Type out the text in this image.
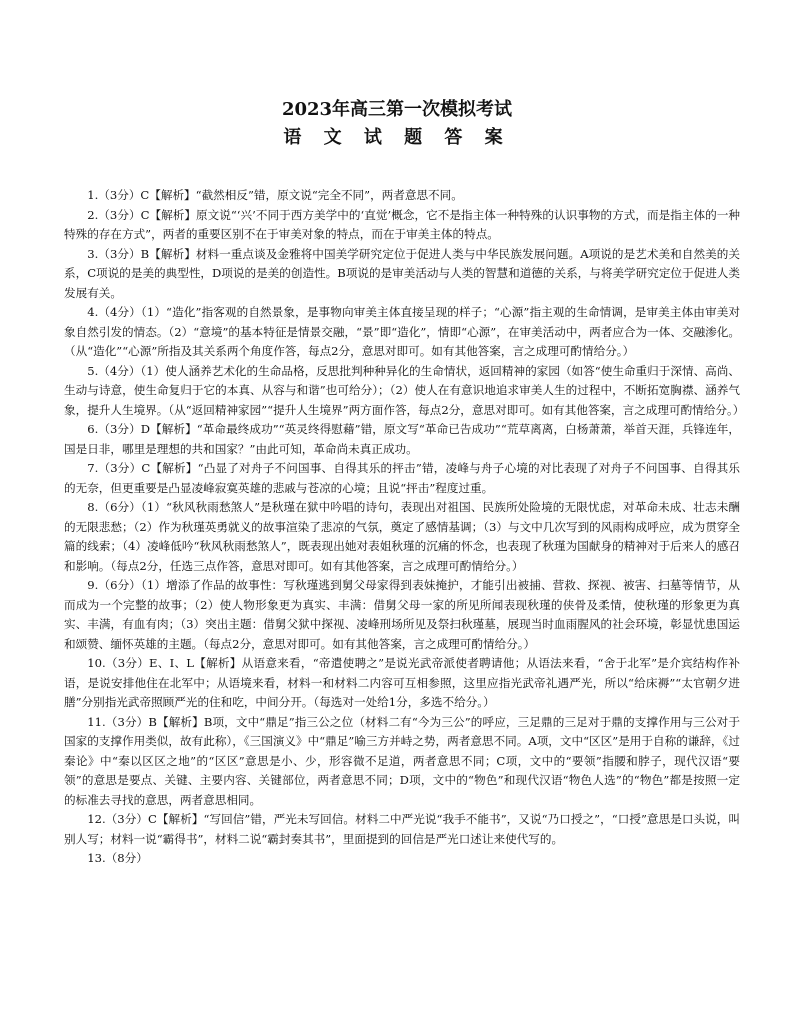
2023年高三第一次模拟考试
语 文 试 题 答 案

1.（3分）C【解析】“截然相反”错，原文说“完全不同”，两者意思不同。

2.（3分）C【解析】原文说“‘兴’不同于西方美学中的‘直觉’概念，它不是指主体一种特殊的认识事物的方式，而是指主体的一种特殊的存在方式”，两者的重要区别不在于审美对象的特点，而在于审美主体的特点。

3.（3分）B【解析】材料一重点谈及金雅将中国美学研究定位于促进人类与中华民族发展问题。A项说的是艺术美和自然美的关系，C项说的是美的典型性，D项说的是美的创造性。B项说的是审美活动与人类的智慧和道德的关系，与将美学研究定位于促进人类发展有关。

4.（4分）（1）“造化”指客观的自然景象，是事物向审美主体直接呈现的样子；“心源”指主观的生命情调，是审美主体由审美对象自然引发的情态。（2）“意境”的基本特征是情景交融，“景”即“造化”，情即“心源”，在审美活动中，两者应合为一体、交融渗化。（从“造化”“心源”所指及其关系两个角度作答，每点2分，意思对即可。如有其他答案，言之成理可酌情给分。）

5.（4分）（1）使人涵养艺术化的生命品格，反思批判种种异化的生命情状，返回精神的家园（如答“使生命重归于深情、高尚、生动与诗意，使生命复归于它的本真、从容与和谐”也可给分）；（2）使人在有意识地追求审美人生的过程中，不断拓宽胸襟、涵养气象，提升人生境界。（从“返回精神家园”“提升人生境界”两方面作答，每点2分，意思对即可。如有其他答案，言之成理可酌情给分。）

6.（3分）D【解析】“革命最终成功”“英灵终得慰藉”错，原文写“革命已告成功”“荒草离离，白杨萧萧，举首天涯，兵锋连年，国是日非，哪里是理想的共和国家？”由此可知，革命尚未真正成功。

7.（3分）C【解析】“凸显了对舟子不问国事、自得其乐的抨击”错，凌峰与舟子心境的对比表现了对舟子不问国事、自得其乐的无奈，但更重要是凸显凌峰寂寞英雄的悲戚与苍凉的心境；且说“抨击”程度过重。

8.（6分）（1）“秋风秋雨愁煞人”是秋瑾在狱中吟唱的诗句，表现出对祖国、民族所处险境的无限忧虑，对革命未成、壮志未酬的无限悲愁；（2）作为秋瑾英勇就义的故事渲染了悲凉的气氛，奠定了感情基调；（3）与文中几次写到的风雨构成呼应，成为贯穿全篇的线索；（4）凌峰低吟“秋风秋雨愁煞人”，既表现出她对表姐秋瑾的沉痛的怀念，也表现了秋瑾为国献身的精神对于后来人的感召和影响。（每点2分，任选三点作答，意思对即可。如有其他答案，言之成理可酌情给分。）

9.（6分）（1）增添了作品的故事性：写秋瑾逃到舅父母家得到表妹掩护，才能引出被捕、营救、探视、被害、扫墓等情节，从而成为一个完整的故事；（2）使人物形象更为真实、丰满：借舅父母一家的所见所闻表现秋瑾的侠骨及柔情，使秋瑾的形象更为真实、丰满，有血有肉；（3）突出主题：借舅父狱中探视、凌峰刑场所见及祭扫秋瑾墓，展现当时血雨腥风的社会环境，彰显忧患国运和颂赞、缅怀英雄的主题。（每点2分，意思对即可。如有其他答案，言之成理可酌情给分。）

10.（3分）E、I、L【解析】从语意来看，“帝遣使聘之”是说光武帝派使者聘请他；从语法来看，“舍于北军”是介宾结构作补语，是说安排他住在北军中；从语境来看，材料一和材料二内容可互相参照，这里应指光武帝礼遇严光，所以“给床褥”“太官朝夕进膳”分别指光武帝照顾严光的住和吃，中间分开。（每选对一处给1分，多选不给分。）

11.（3分）B【解析】B项，文中“鼎足”指三公之位（材料二有“今为三公”的呼应，三足鼎的三足对于鼎的支撑作用与三公对于国家的支撑作用类似，故有此称），《三国演义》中“鼎足”喻三方并峙之势，两者意思不同。A项，文中“区区”是用于自称的谦辞，《过秦论》中“秦以区区之地”的“区区”意思是小、少，形容微不足道，两者意思不同；C项，文中的“要领”指腰和脖子，现代汉语“要领”的意思是要点、关键、主要内容、关键部位，两者意思不同；D项，文中的“物色”和现代汉语“物色人选”的“物色”都是按照一定的标准去寻找的意思，两者意思相同。

12.（3分）C【解析】“写回信”错，严光未写回信。材料二中严光说“我手不能书”，又说“乃口授之”，“口授”意思是口头说，叫别人写；材料一说“霸得书”，材料二说“霸封奏其书”，里面提到的回信是严光口述让来使代写的。

13.（8分）
